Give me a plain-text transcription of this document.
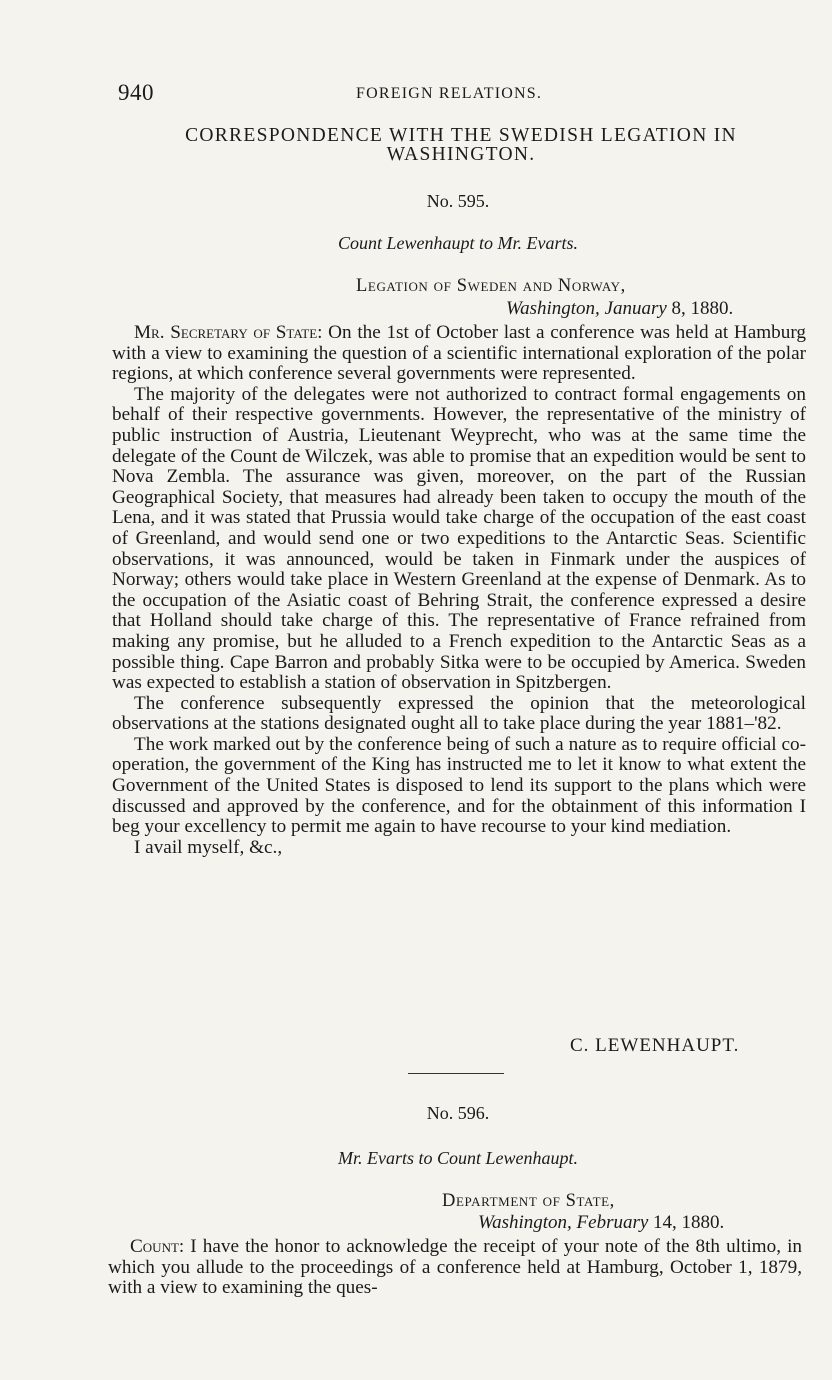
940	FOREIGN RELATIONS.
CORRESPONDENCE WITH THE SWEDISH LEGATION IN
WASHINGTON.
No. 595.
Count Lewenhaupt to Mr. Evarts.
Legation of Sweden and Norway,
Washington, January 8, 1880.

Mr. Secretary of State: On the 1st of October last a conference was held at Hamburg with a view to examining the question of a scientific international exploration of the polar regions, at which conference several governments were represented.

The majority of the delegates were not authorized to contract formal engagements on behalf of their respective governments. However, the representative of the ministry of public instruction of Austria, Lieutenant Weyprecht, who was at the same time the delegate of the Count de Wilczek, was able to promise that an expedition would be sent to Nova Zembla. The assurance was given, moreover, on the part of the Russian Geographical Society, that measures had already been taken to occupy the mouth of the Lena, and it was stated that Prussia would take charge of the occupation of the east coast of Greenland, and would send one or two expeditions to the Antarctic Seas. Scientific observations, it was announced, would be taken in Finmark under the auspices of Norway; others would take place in Western Greenland at the expense of Denmark. As to the occupation of the Asiatic coast of Behring Strait, the conference expressed a desire that Holland should take charge of this. The representative of France refrained from making any promise, but he alluded to a French expedition to the Antarctic Seas as a possible thing. Cape Barron and probably Sitka were to be occupied by America. Sweden was expected to establish a station of observation in Spitzbergen.

The conference subsequently expressed the opinion that the meteorological observations at the stations designated ought all to take place during the year 1881–'82.

The work marked out by the conference being of such a nature as to require official co-operation, the government of the King has instructed me to let it know to what extent the Government of the United States is disposed to lend its support to the plans which were discussed and approved by the conference, and for the obtainment of this information I beg your excellency to permit me again to have recourse to your kind mediation.

I avail myself, &c.,

C. LEWENHAUPT.
No. 596.
Mr. Evarts to Count Lewenhaupt.
Department of State,
Washington, February 14, 1880.

Count: I have the honor to acknowledge the receipt of your note of the 8th ultimo, in which you allude to the proceedings of a conference held at Hamburg, October 1, 1879, with a view to examining the ques-
